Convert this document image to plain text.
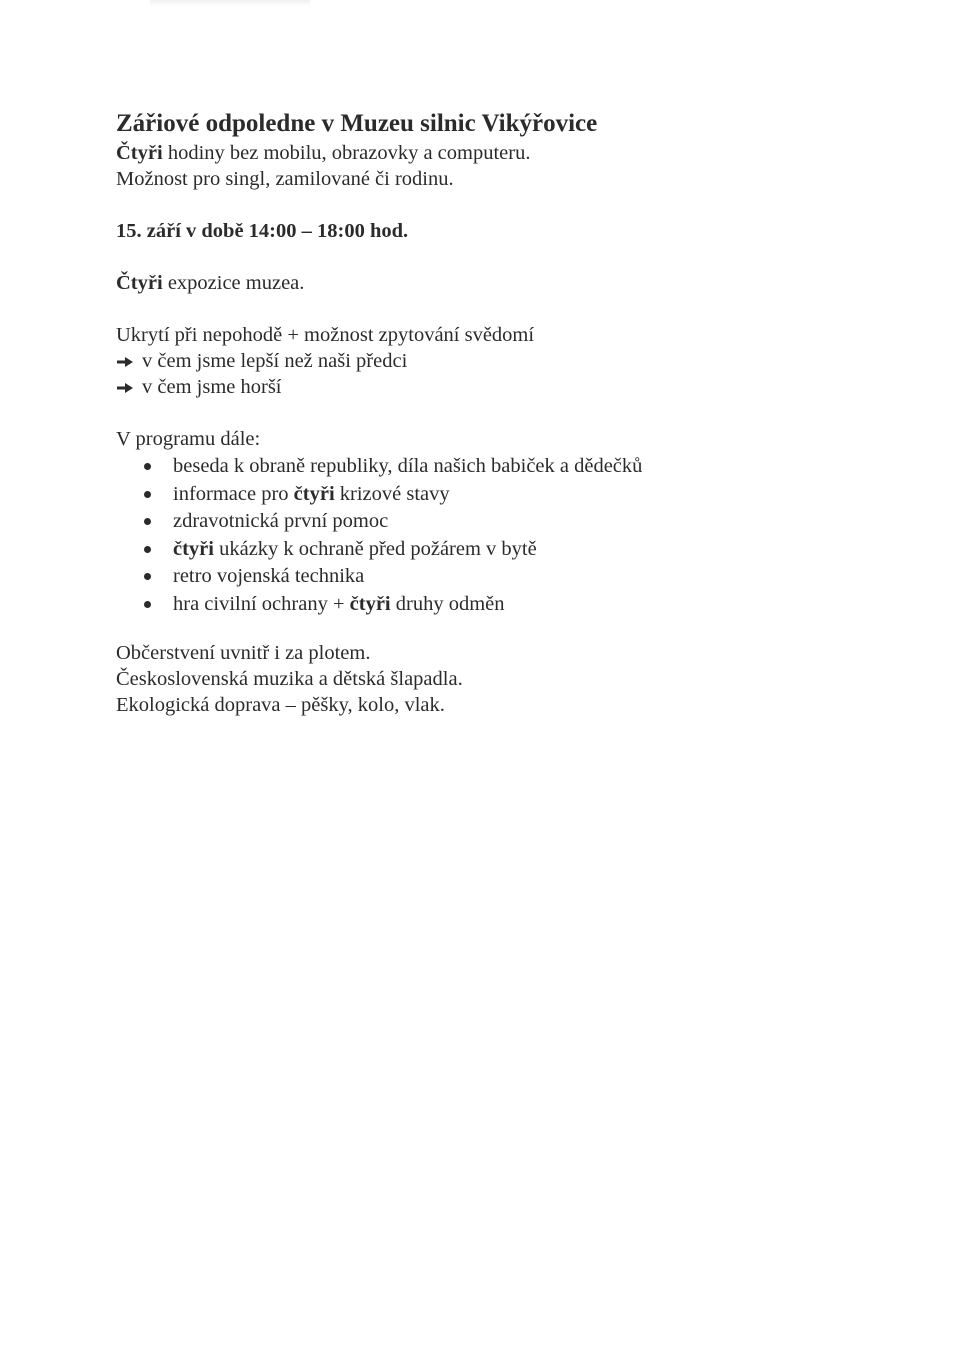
Zářiové odpoledne v Muzeu silnic Vikýřovice

Čtyři hodiny bez mobilu, obrazovky a computeru.

Možnost pro singl, zamilované či rodinu.

15. září v době 14:00 – 18:00 hod.

Čtyři expozice muzea.

Ukrytí při nepohodě + možnost zpytování svědomí

v čem jsme lepší než naši předci

v čem jsme horší

V programu dále:

beseda k obraně republiky, díla našich babiček a dědečků
informace pro čtyři krizové stavy
zdravotnická první pomoc
čtyři ukázky k ochraně před požárem v bytě
retro vojenská technika
hra civilní ochrany + čtyři druhy odměn

Občerstvení uvnitř i za plotem.

Československá muzika a dětská šlapadla.

Ekologická doprava – pěšky, kolo, vlak.
